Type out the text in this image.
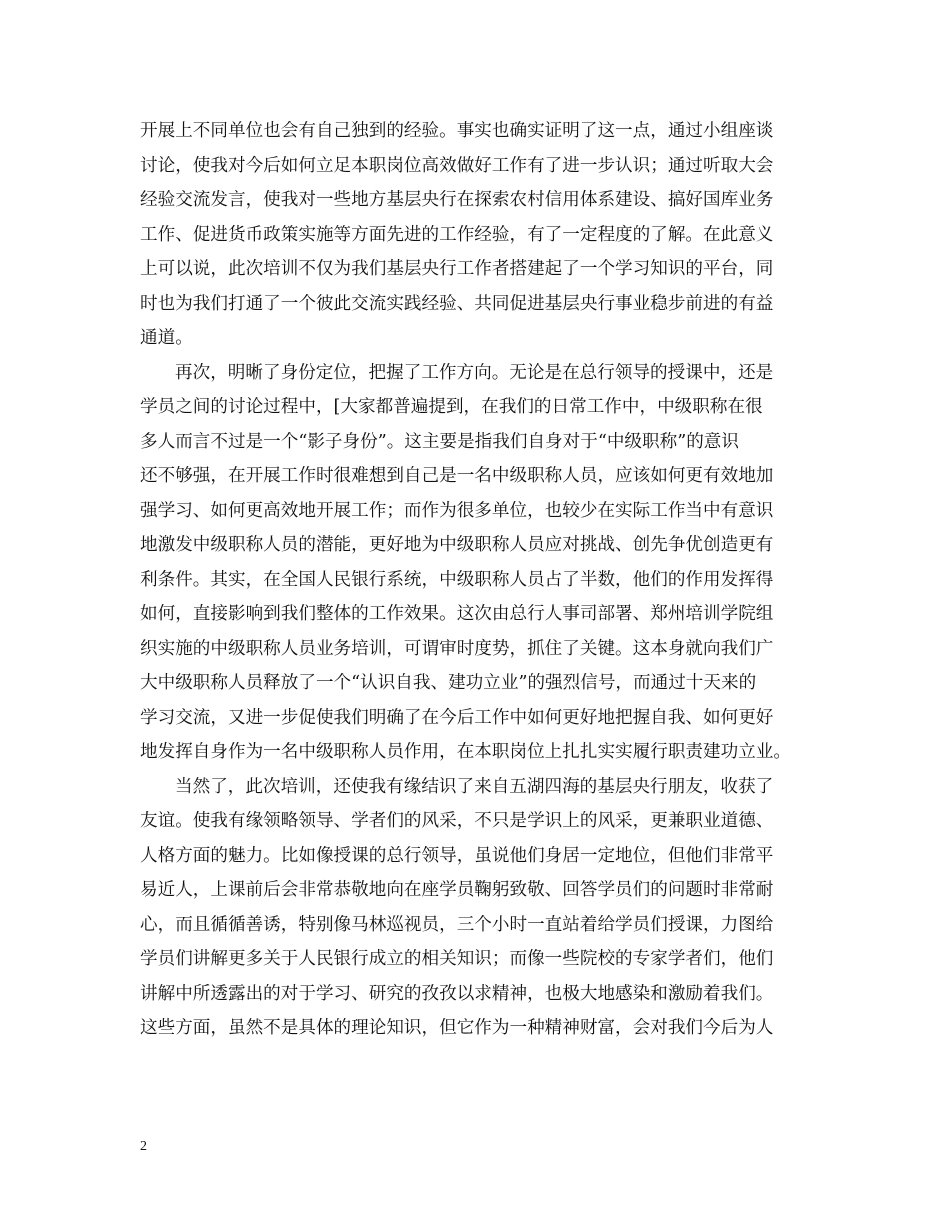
开展上不同单位也会有自己独到的经验。事实也确实证明了这一点，通过小组座谈
讨论，使我对今后如何立足本职岗位高效做好工作有了进一步认识；通过听取大会
经验交流发言，使我对一些地方基层央行在探索农村信用体系建设、搞好国库业务
工作、促进货币政策实施等方面先进的工作经验，有了一定程度的了解。在此意义
上可以说，此次培训不仅为我们基层央行工作者搭建起了一个学习知识的平台，同
时也为我们打通了一个彼此交流实践经验、共同促进基层央行事业稳步前进的有益
通道。
再次，明晰了身份定位，把握了工作方向。无论是在总行领导的授课中，还是
学员之间的讨论过程中，[大家都普遍提到，在我们的日常工作中，中级职称在很
多人而言不过是一个“影子身份”。这主要是指我们自身对于“中级职称”的意识
还不够强，在开展工作时很难想到自己是一名中级职称人员，应该如何更有效地加
强学习、如何更高效地开展工作；而作为很多单位，也较少在实际工作当中有意识
地激发中级职称人员的潜能，更好地为中级职称人员应对挑战、创先争优创造更有
利条件。其实，在全国人民银行系统，中级职称人员占了半数，他们的作用发挥得
如何，直接影响到我们整体的工作效果。这次由总行人事司部署、郑州培训学院组
织实施的中级职称人员业务培训，可谓审时度势，抓住了关键。这本身就向我们广
大中级职称人员释放了一个“认识自我、建功立业”的强烈信号，而通过十天来的
学习交流，又进一步促使我们明确了在今后工作中如何更好地把握自我、如何更好
地发挥自身作为一名中级职称人员作用，在本职岗位上扎扎实实履行职责建功立业。
当然了，此次培训，还使我有缘结识了来自五湖四海的基层央行朋友，收获了
友谊。使我有缘领略领导、学者们的风采，不只是学识上的风采，更兼职业道德、
人格方面的魅力。比如像授课的总行领导，虽说他们身居一定地位，但他们非常平
易近人，上课前后会非常恭敬地向在座学员鞠躬致敬、回答学员们的问题时非常耐
心，而且循循善诱，特别像马林巡视员，三个小时一直站着给学员们授课，力图给
学员们讲解更多关于人民银行成立的相关知识；而像一些院校的专家学者们，他们
讲解中所透露出的对于学习、研究的孜孜以求精神，也极大地感染和激励着我们。
这些方面，虽然不是具体的理论知识，但它作为一种精神财富，会对我们今后为人
2
